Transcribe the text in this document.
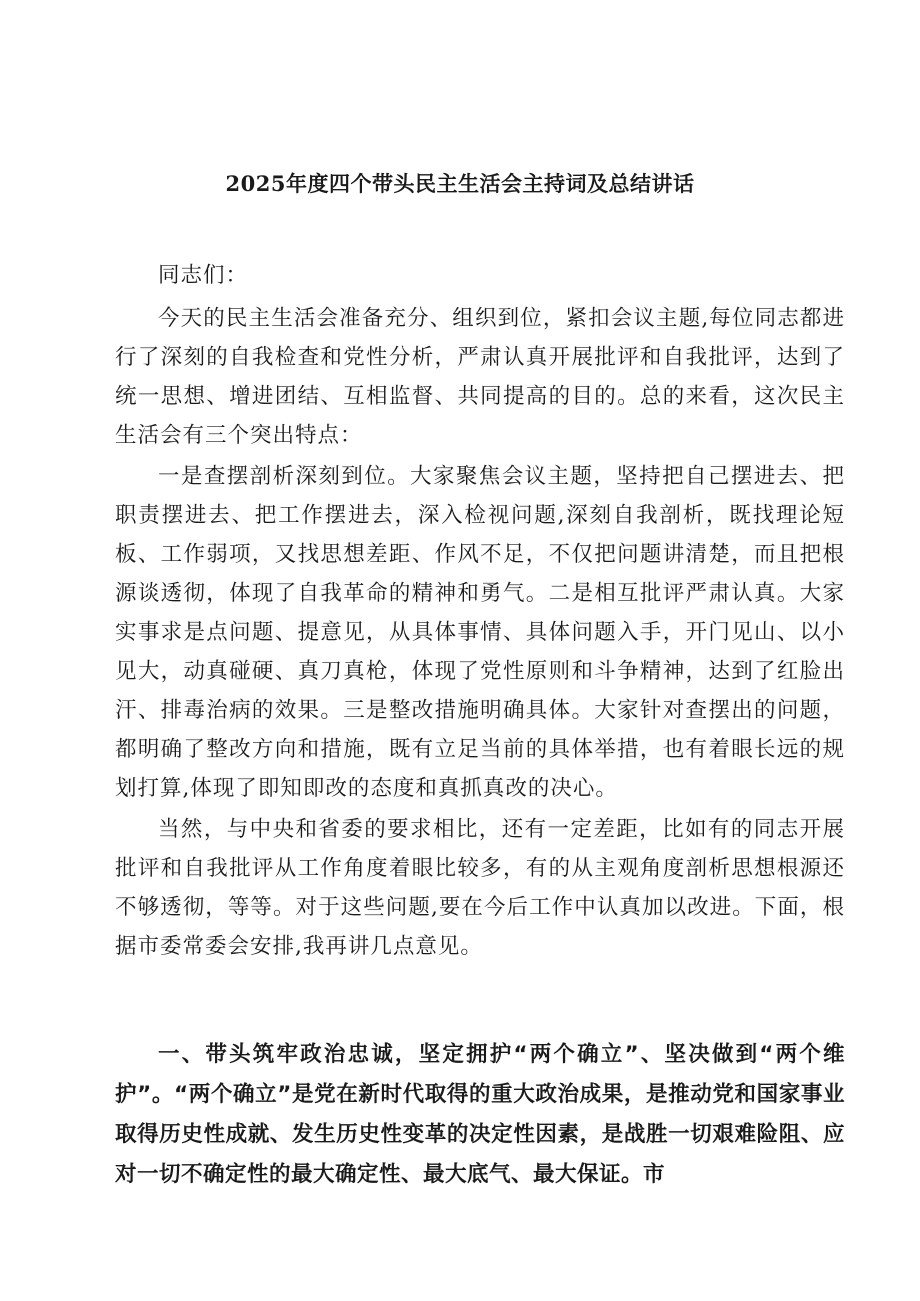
2025年度四个带头民主生活会主持词及总结讲话

同志们：

今天的民主生活会准备充分、组织到位，紧扣会议主题,每位同志都进行了深刻的自我检查和党性分析，严肃认真开展批评和自我批评，达到了统一思想、增进团结、互相监督、共同提高的目的。总的来看，这次民主生活会有三个突出特点：

一是查摆剖析深刻到位。大家聚焦会议主题，坚持把自己摆进去、把职责摆进去、把工作摆进去，深入检视问题,深刻自我剖析，既找理论短板、工作弱项，又找思想差距、作风不足，不仅把问题讲清楚，而且把根源谈透彻，体现了自我革命的精神和勇气。二是相互批评严肃认真。大家实事求是点问题、提意见，从具体事情、具体问题入手，开门见山、以小见大，动真碰硬、真刀真枪，体现了党性原则和斗争精神，达到了红脸出汗、排毒治病的效果。三是整改措施明确具体。大家针对查摆出的问题，都明确了整改方向和措施，既有立足当前的具体举措，也有着眼长远的规划打算,体现了即知即改的态度和真抓真改的决心。

当然，与中央和省委的要求相比，还有一定差距，比如有的同志开展批评和自我批评从工作角度着眼比较多，有的从主观角度剖析思想根源还不够透彻，等等。对于这些问题,要在今后工作中认真加以改进。下面，根据市委常委会安排,我再讲几点意见。

一、带头筑牢政治忠诚，坚定拥护“两个确立”、坚决做到“两个维护”。“两个确立”是党在新时代取得的重大政治成果，是推动党和国家事业取得历史性成就、发生历史性变革的决定性因素，是战胜一切艰难险阻、应对一切不确定性的最大确定性、最大底气、最大保证。市
